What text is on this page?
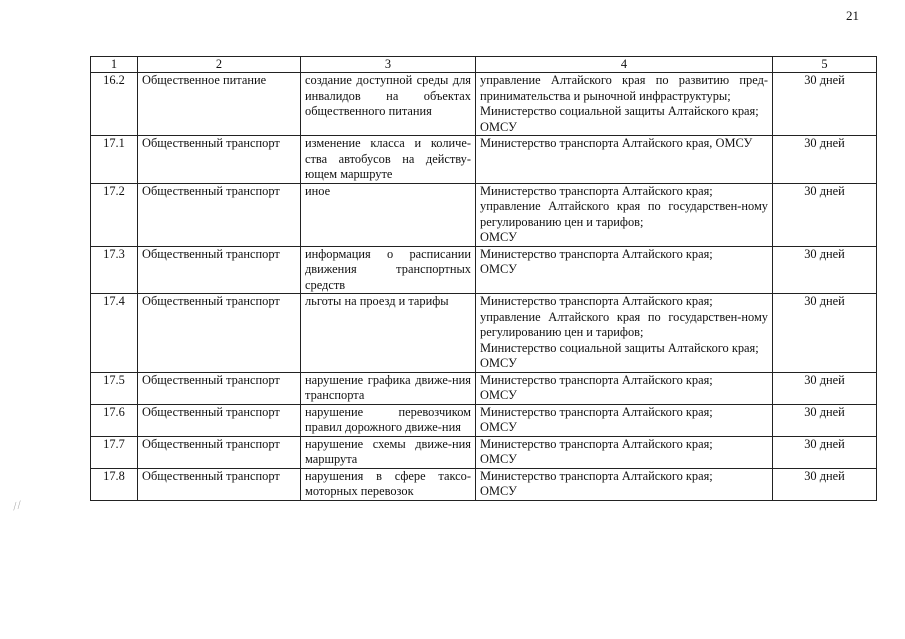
21
1	2	3	4	5
16.2	Общественное питание	создание доступной среды для инвалидов на объектах общественного питания	управление Алтайского края по развитию пред-принимательства и рыночной инфраструктуры;
Министерство социальной защиты Алтайского края;
ОМСУ	30 дней
17.1	Общественный транспорт	изменение класса и количе-ства автобусов на действу-ющем маршруте	Министерство транспорта Алтайского края, ОМСУ	30 дней
17.2	Общественный транспорт	иное	Министерство транспорта Алтайского края;
управление Алтайского края по государствен-ному регулированию цен и тарифов;
ОМСУ	30 дней
17.3	Общественный транспорт	информация о расписании движения транспортных средств	Министерство транспорта Алтайского края;
ОМСУ	30 дней
17.4	Общественный транспорт	льготы на проезд и тарифы	Министерство транспорта Алтайского края;
управление Алтайского края по государствен-ному регулированию цен и тарифов;
Министерство социальной защиты Алтайского края;
ОМСУ	30 дней
17.5	Общественный транспорт	нарушение графика движе-ния транспорта	Министерство транспорта Алтайского края;
ОМСУ	30 дней
17.6	Общественный транспорт	нарушение перевозчиком правил дорожного движе-ния	Министерство транспорта Алтайского края;
ОМСУ	30 дней
17.7	Общественный транспорт	нарушение схемы движе-ния маршрута	Министерство транспорта Алтайского края;
ОМСУ	30 дней
17.8	Общественный транспорт	нарушения в сфере таксо-моторных перевозок	Министерство транспорта Алтайского края;
ОМСУ	30 дней
⁄ ⁄
